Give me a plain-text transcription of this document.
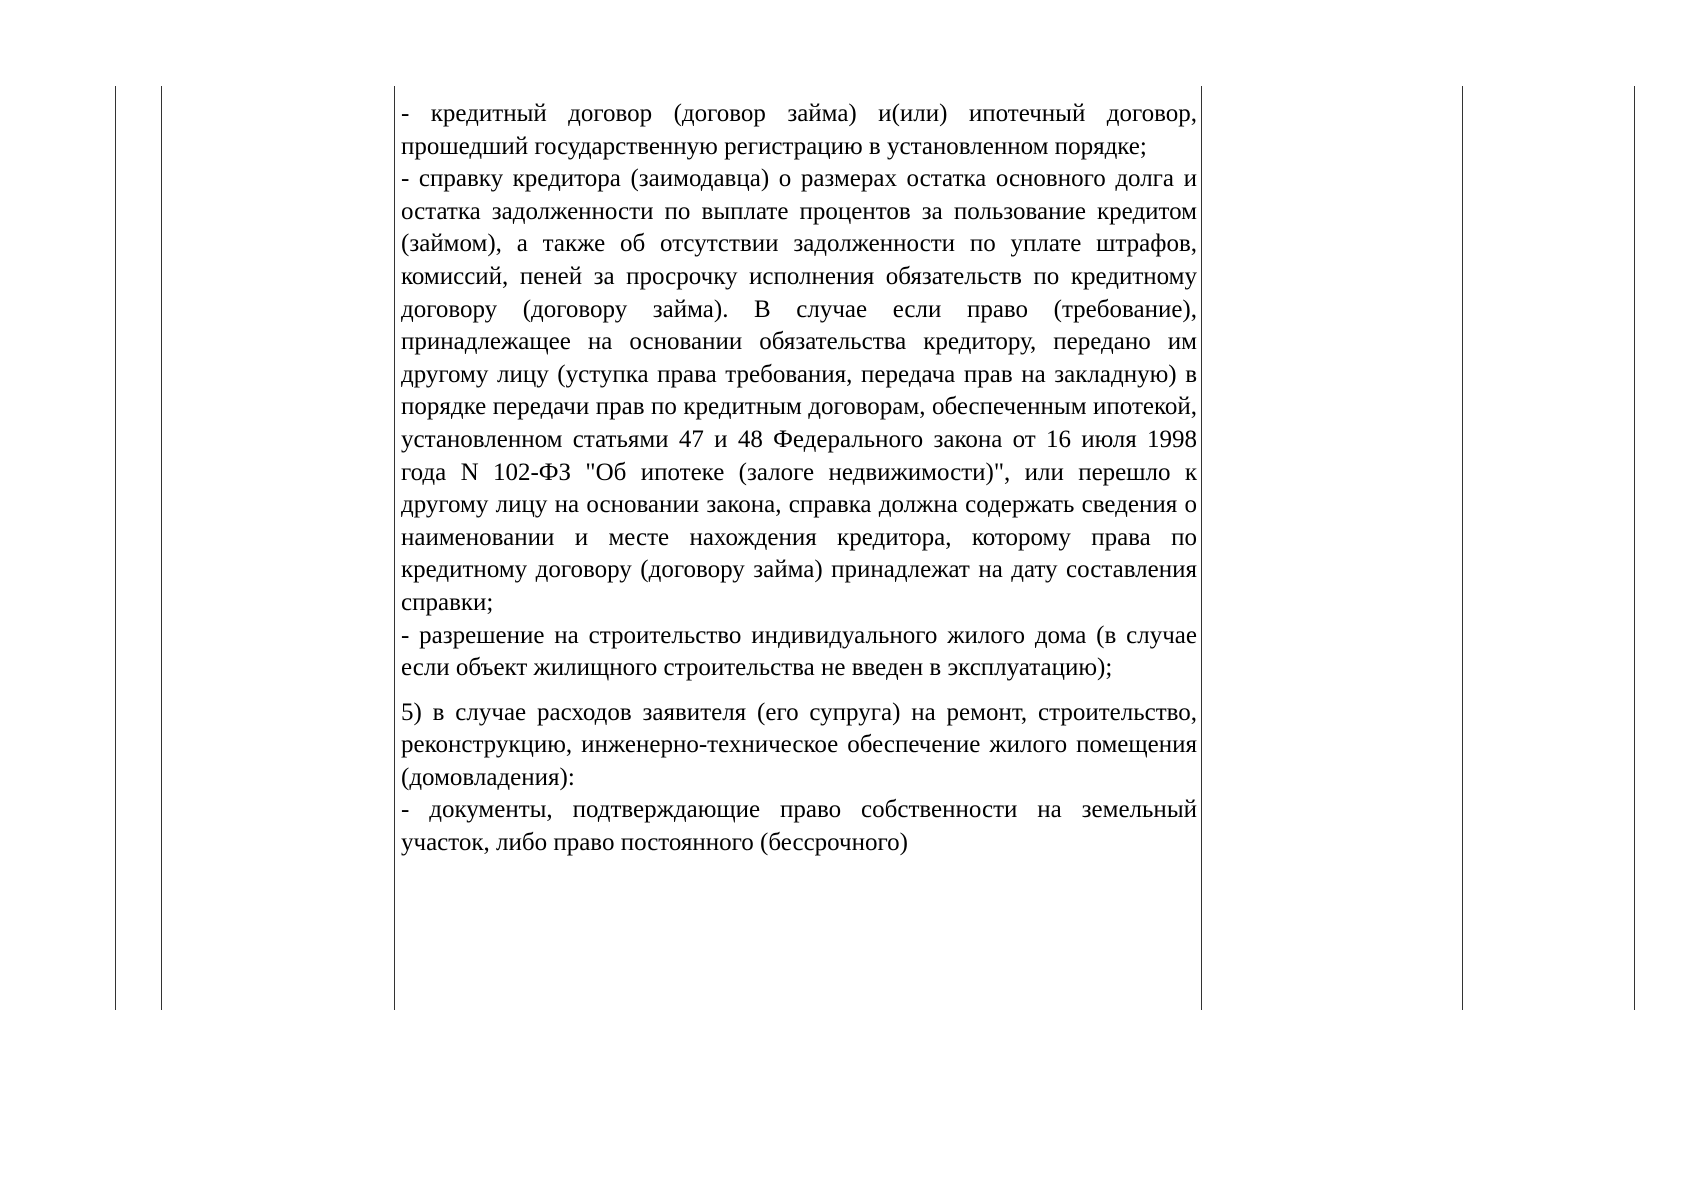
- кредитный договор (договор займа) и(или) ипотечный договор, прошедший государственную регистрацию в установленном порядке;

- справку кредитора (заимодавца) о размерах остатка основного долга и остатка задолженности по выплате процентов за пользование кредитом (займом), а также об отсутствии задолженности по уплате штрафов, комиссий, пеней за просрочку исполнения обязательств по кредитному договору (договору займа). В случае если право (требование), принадлежащее на основании обязательства кредитору, передано им другому лицу (уступка права требования, передача прав на закладную) в порядке передачи прав по кредитным договорам, обеспеченным ипотекой, установленном статьями 47 и 48 Федерального закона от 16 июля 1998 года N 102-ФЗ "Об ипотеке (залоге недвижимости)", или перешло к другому лицу на основании закона, справка должна содержать сведения о наименовании и месте нахождения кредитора, которому права по кредитному договору (договору займа) принадлежат на дату составления справки;

- разрешение на строительство индивидуального жилого дома (в случае если объект жилищного строительства не введен в эксплуатацию);

5) в случае расходов заявителя (его супруга) на ремонт, строительство, реконструкцию, инженерно-техническое обеспечение жилого помещения (домовладения):

- документы, подтверждающие право собственности на земельный участок, либо право постоянного (бессрочного)
